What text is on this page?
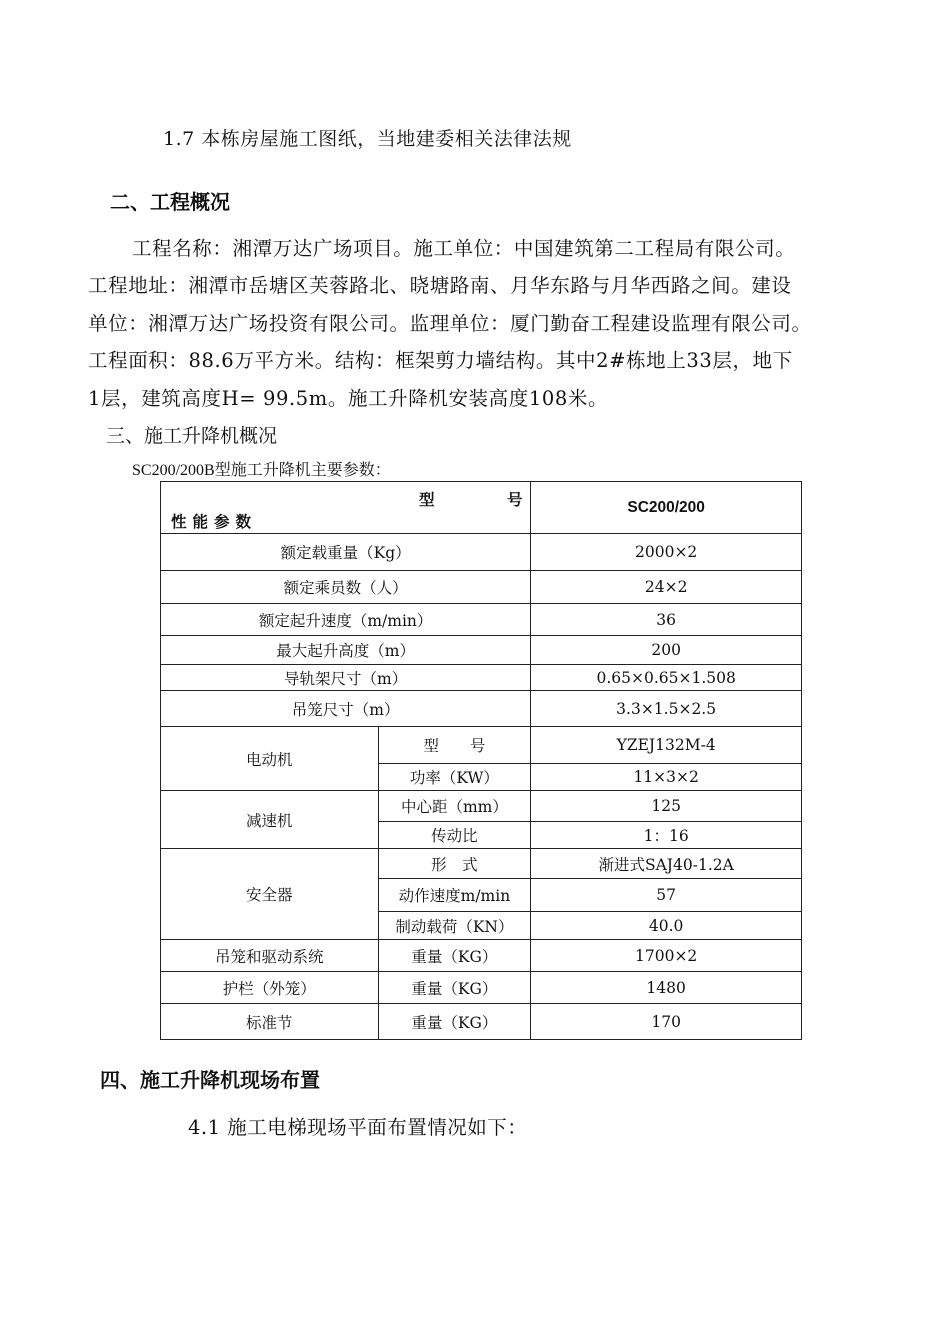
1.7 本栋房屋施工图纸，当地建委相关法律法规
二、工程概况
工程名称：湘潭万达广场项目。施工单位：中国建筑第二工程局有限公司。
工程地址：湘潭市岳塘区芙蓉路北、晓塘路南、月华东路与月华西路之间。建设
单位：湘潭万达广场投资有限公司。监理单位：厦门勤奋工程建设监理有限公司。
工程面积：88.6万平方米。结构：框架剪力墙结构。其中2#栋地上33层，地下
1层，建筑高度H= 99.5m。施工升降机安装高度108米。
三、施工升降机概况
SC200/200B型施工升降机主要参数：
型 号
性能参数		SC200/200
额定载重量（Kg）		2000×2
额定乘员数（人）		24×2
额定起升速度（m/min）		36
最大起升高度（m）		200
导轨架尺寸（m）		0.65×0.65×1.508
吊笼尺寸（m）		3.3×1.5×2.5
电动机	型　　号	YZEJ132M-4
	功率（KW）	11×3×2
减速机	中心距（mm）	125
	传动比	1：16
安全器	形　式	渐进式SAJ40-1.2A
	动作速度m/min	57
	制动载荷（KN）	40.0
吊笼和驱动系统	重量（KG）	1700×2
护栏（外笼）	重量（KG）	1480
标准节	重量（KG）	170
四、施工升降机现场布置
4.1 施工电梯现场平面布置情况如下：
